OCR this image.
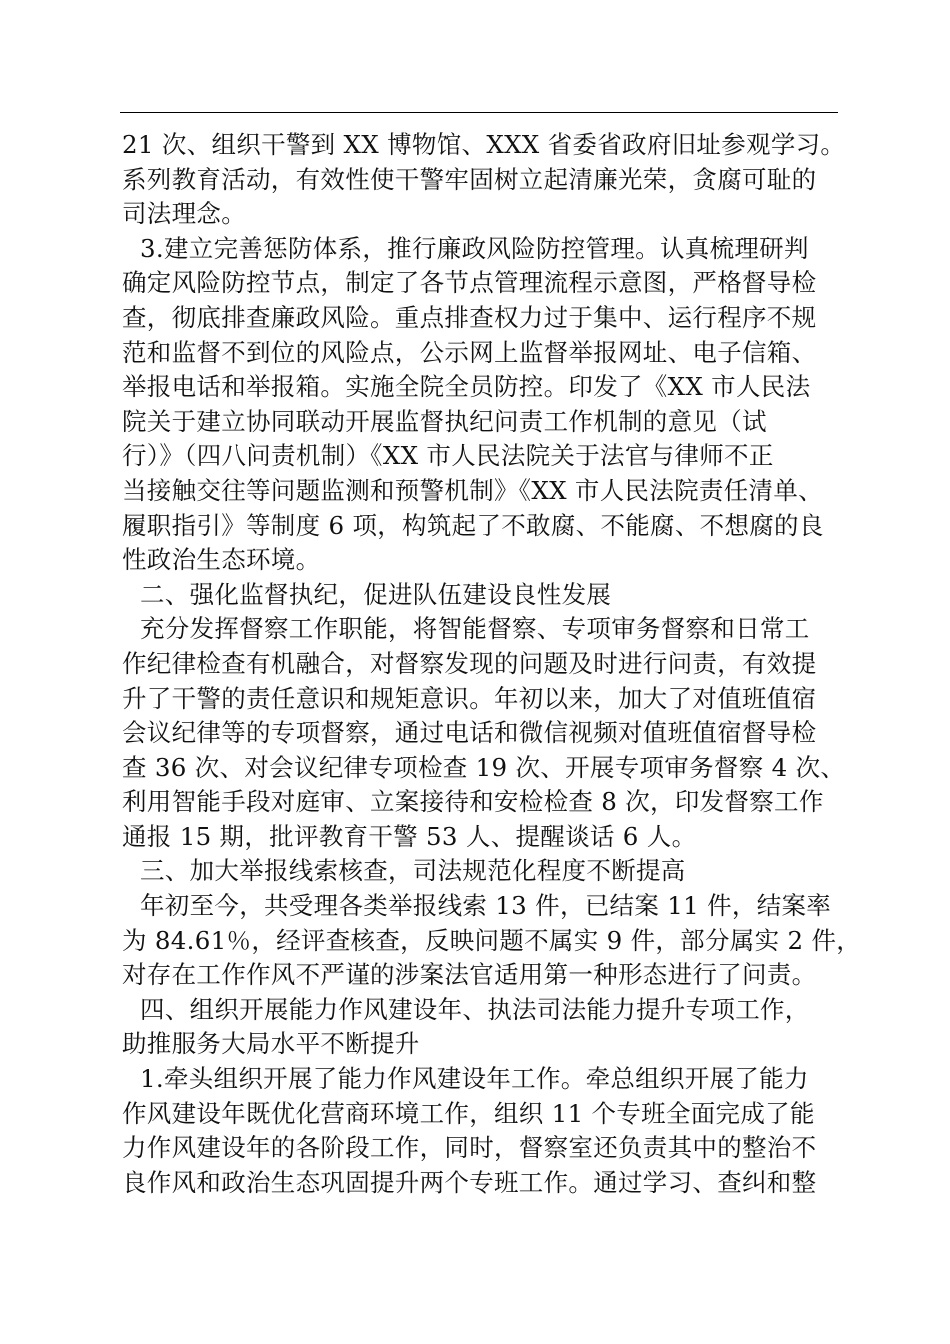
21 次、组织干警到 XX 博物馆、XXX 省委省政府旧址参观学习。
系列教育活动，有效性使干警牢固树立起清廉光荣，贪腐可耻的
司法理念。

3.建立完善惩防体系，推行廉政风险防控管理。认真梳理研判
确定风险防控节点，制定了各节点管理流程示意图，严格督导检
查，彻底排查廉政风险。重点排查权力过于集中、运行程序不规
范和监督不到位的风险点，公示网上监督举报网址、电子信箱、
举报电话和举报箱。实施全院全员防控。印发了《XX 市人民法
院关于建立协同联动开展监督执纪问责工作机制的意见（试
行）》（四八问责机制）《XX 市人民法院关于法官与律师不正
当接触交往等问题监测和预警机制》《XX 市人民法院责任清单、
履职指引》等制度 6 项，构筑起了不敢腐、不能腐、不想腐的良
性政治生态环境。

二、强化监督执纪，促进队伍建设良性发展

充分发挥督察工作职能，将智能督察、专项审务督察和日常工
作纪律检查有机融合，对督察发现的问题及时进行问责，有效提
升了干警的责任意识和规矩意识。年初以来，加大了对值班值宿
会议纪律等的专项督察，通过电话和微信视频对值班值宿督导检
查 36 次、对会议纪律专项检查 19 次、开展专项审务督察 4 次、
利用智能手段对庭审、立案接待和安检检查 8 次，印发督察工作
通报 15 期，批评教育干警 53 人、提醒谈话 6 人。

三、加大举报线索核查，司法规范化程度不断提高

年初至今，共受理各类举报线索 13 件，已结案 11 件，结案率
为 84.61％，经评查核查，反映问题不属实 9 件，部分属实 2 件，
对存在工作作风不严谨的涉案法官适用第一种形态进行了问责。

四、组织开展能力作风建设年、执法司法能力提升专项工作，
助推服务大局水平不断提升

1.牵头组织开展了能力作风建设年工作。牵总组织开展了能力
作风建设年既优化营商环境工作，组织 11 个专班全面完成了能
力作风建设年的各阶段工作，同时，督察室还负责其中的整治不
良作风和政治生态巩固提升两个专班工作。通过学习、查纠和整
